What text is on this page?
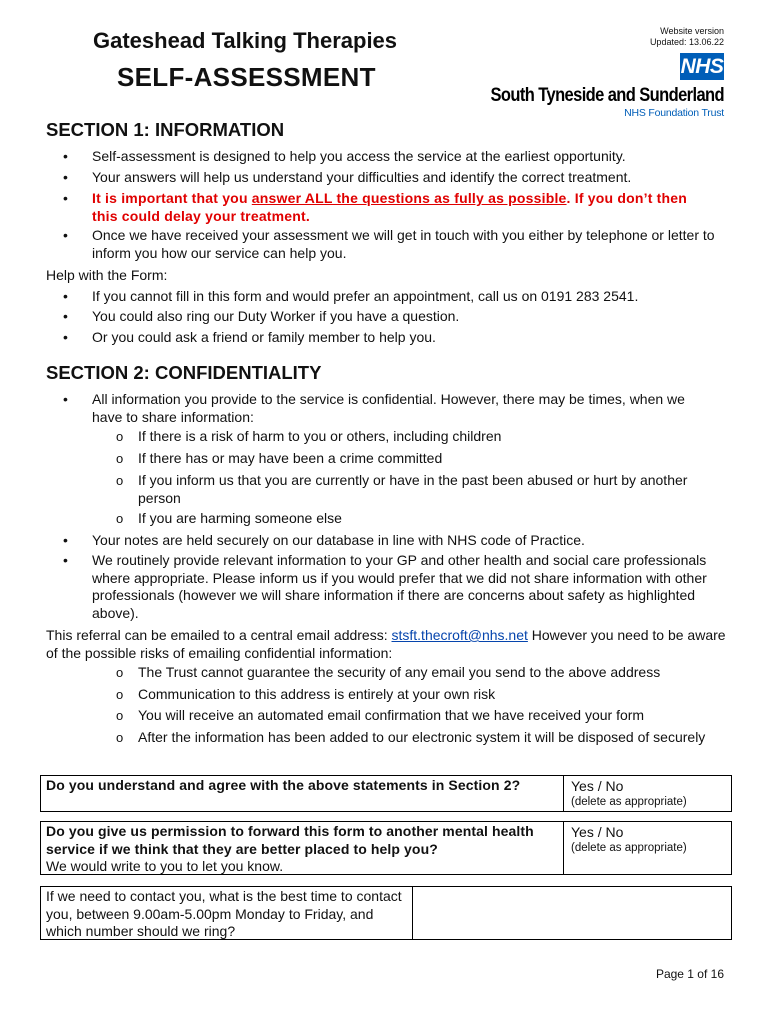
Gateshead Talking Therapies
SELF-ASSESSMENT
Website version
Updated: 13.06.22
NHS
South Tyneside and Sunderland
NHS Foundation Trust
SECTION 1: INFORMATION
• Self-assessment is designed to help you access the service at the earliest opportunity.
• Your answers will help us understand your difficulties and identify the correct treatment.
• It is important that you answer ALL the questions as fully as possible. If you don’t then this could delay your treatment.
• Once we have received your assessment we will get in touch with you either by telephone or letter to inform you how our service can help you.
Help with the Form:
• If you cannot fill in this form and would prefer an appointment, call us on 0191 283 2541.
• You could also ring our Duty Worker if you have a question.
• Or you could ask a friend or family member to help you.
SECTION 2: CONFIDENTIALITY
• All information you provide to the service is confidential. However, there may be times, when we have to share information:
o If there is a risk of harm to you or others, including children
o If there has or may have been a crime committed
o If you inform us that you are currently or have in the past been abused or hurt by another person
o If you are harming someone else
• Your notes are held securely on our database in line with NHS code of Practice.
• We routinely provide relevant information to your GP and other health and social care professionals where appropriate. Please inform us if you would prefer that we did not share information with other professionals (however we will share information if there are concerns about safety as highlighted above).
This referral can be emailed to a central email address: stsft.thecroft@nhs.net However you need to be aware of the possible risks of emailing confidential information:
o The Trust cannot guarantee the security of any email you send to the above address
o Communication to this address is entirely at your own risk
o You will receive an automated email confirmation that we have received your form
o After the information has been added to our electronic system it will be disposed of securely
Do you understand and agree with the above statements in Section 2?	Yes / No
(delete as appropriate)
Do you give us permission to forward this form to another mental health service if we think that they are better placed to help you?
We would write to you to let you know.
Yes / No
(delete as appropriate)
If we need to contact you, what is the best time to contact you, between 9.00am-5.00pm Monday to Friday, and which number should we ring?
Page 1 of 16
